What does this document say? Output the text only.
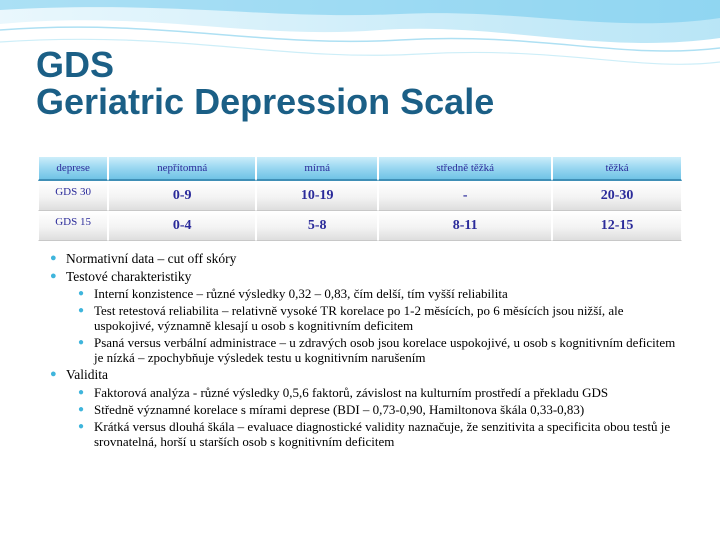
GDS
Geriatric Depression Scale
deprese	nepřítomná	mírná	středně těžká	těžká
GDS 30	0-9	10-19	-	20-30
GDS 15	0-4	5-8	8-11	12-15
● Normativní data – cut off skóry
● Testové charakteristiky
● Interní konzistence – různé výsledky 0,32 – 0,83, čím delší, tím vyšší reliabilita
● Test retestová reliabilita – relativně vysoké TR korelace po 1-2 měsících, po 6 měsících jsou nižší, ale uspokojivé, významně klesají u osob s kognitivním deficitem
● Psaná versus verbální administrace – u zdravých osob jsou korelace uspokojivé, u osob s kognitivním deficitem je nízká – zpochybňuje výsledek testu u kognitivním narušením
● Validita
● Faktorová analýza - různé výsledky 0,5,6 faktorů, závislost na kulturním prostředí a překladu GDS
● Středně významné korelace s mírami deprese (BDI – 0,73-0,90, Hamiltonova škála 0,33-0,83)
● Krátká versus dlouhá škála – evaluace diagnostické validity naznačuje, že senzitivita a specificita obou testů je srovnatelná, horší u starších osob s kognitivním deficitem
